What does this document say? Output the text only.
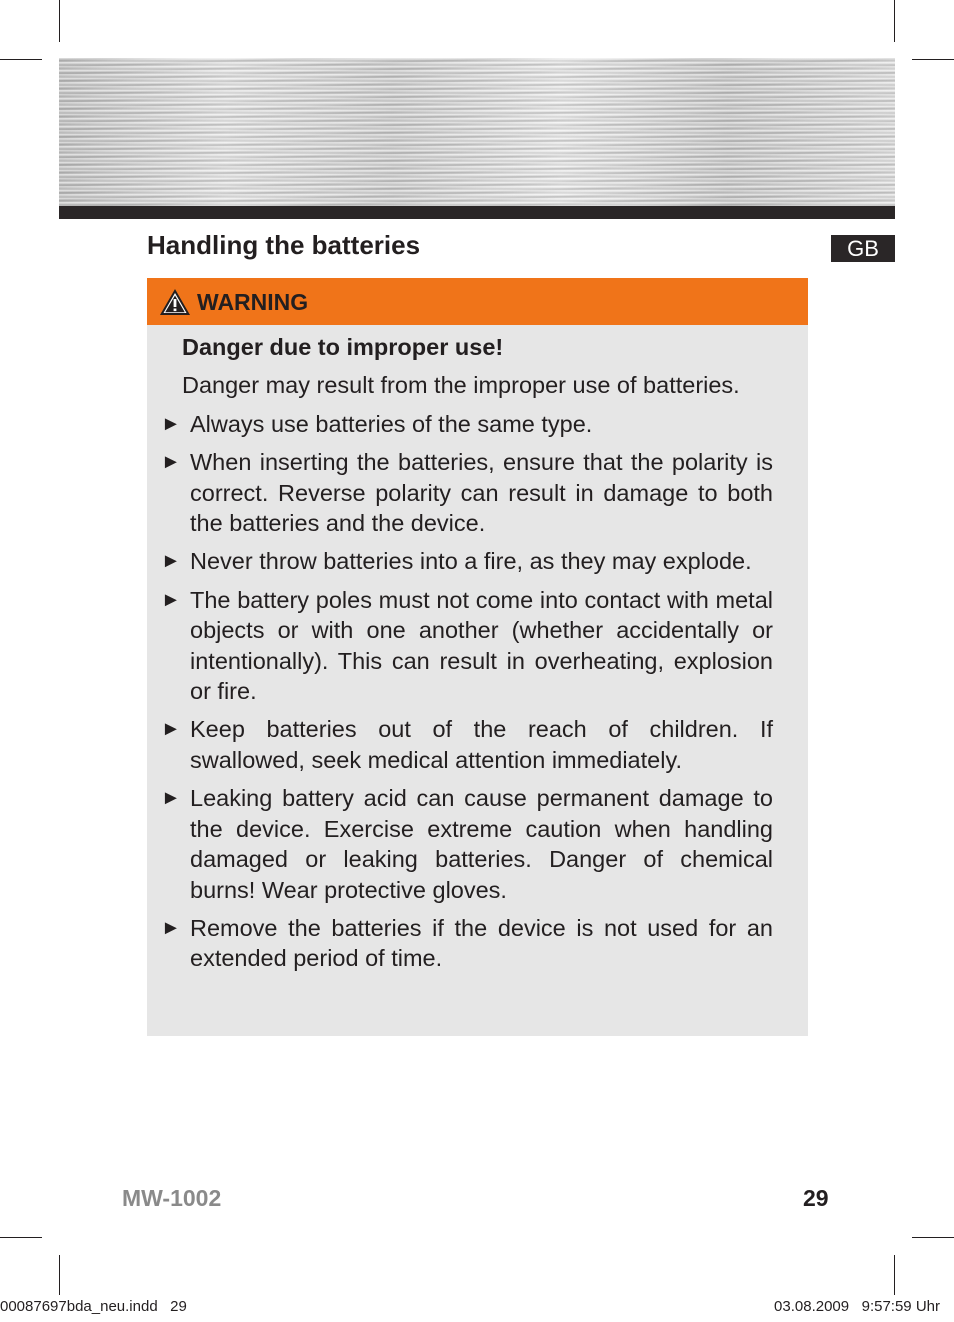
Handling the batteries	GB
WARNING

Danger due to improper use!

Danger may result from the improper use of batteries.

► Always use batteries of the same type.
► When inserting the batteries, ensure that the polarity is correct. Reverse polarity can result in damage to both the batteries and the device.
► Never throw batteries into a fire, as they may explode.
► The battery poles must not come into contact with metal objects or with one another (whether accidentally or intentionally). This can result in overheating, explosion or fire.
► Keep batteries out of the reach of children. If swallowed, seek medical attention immediately.
► Leaking battery acid can cause permanent damage to the device. Exercise extreme caution when handling damaged or leaking batteries. Danger of chemical burns! Wear protective gloves.
► Remove the batteries if the device is not used for an extended period of time.
MW-1002	29
00087697bda_neu.indd   29	03.08.2009   9:57:59 Uhr
